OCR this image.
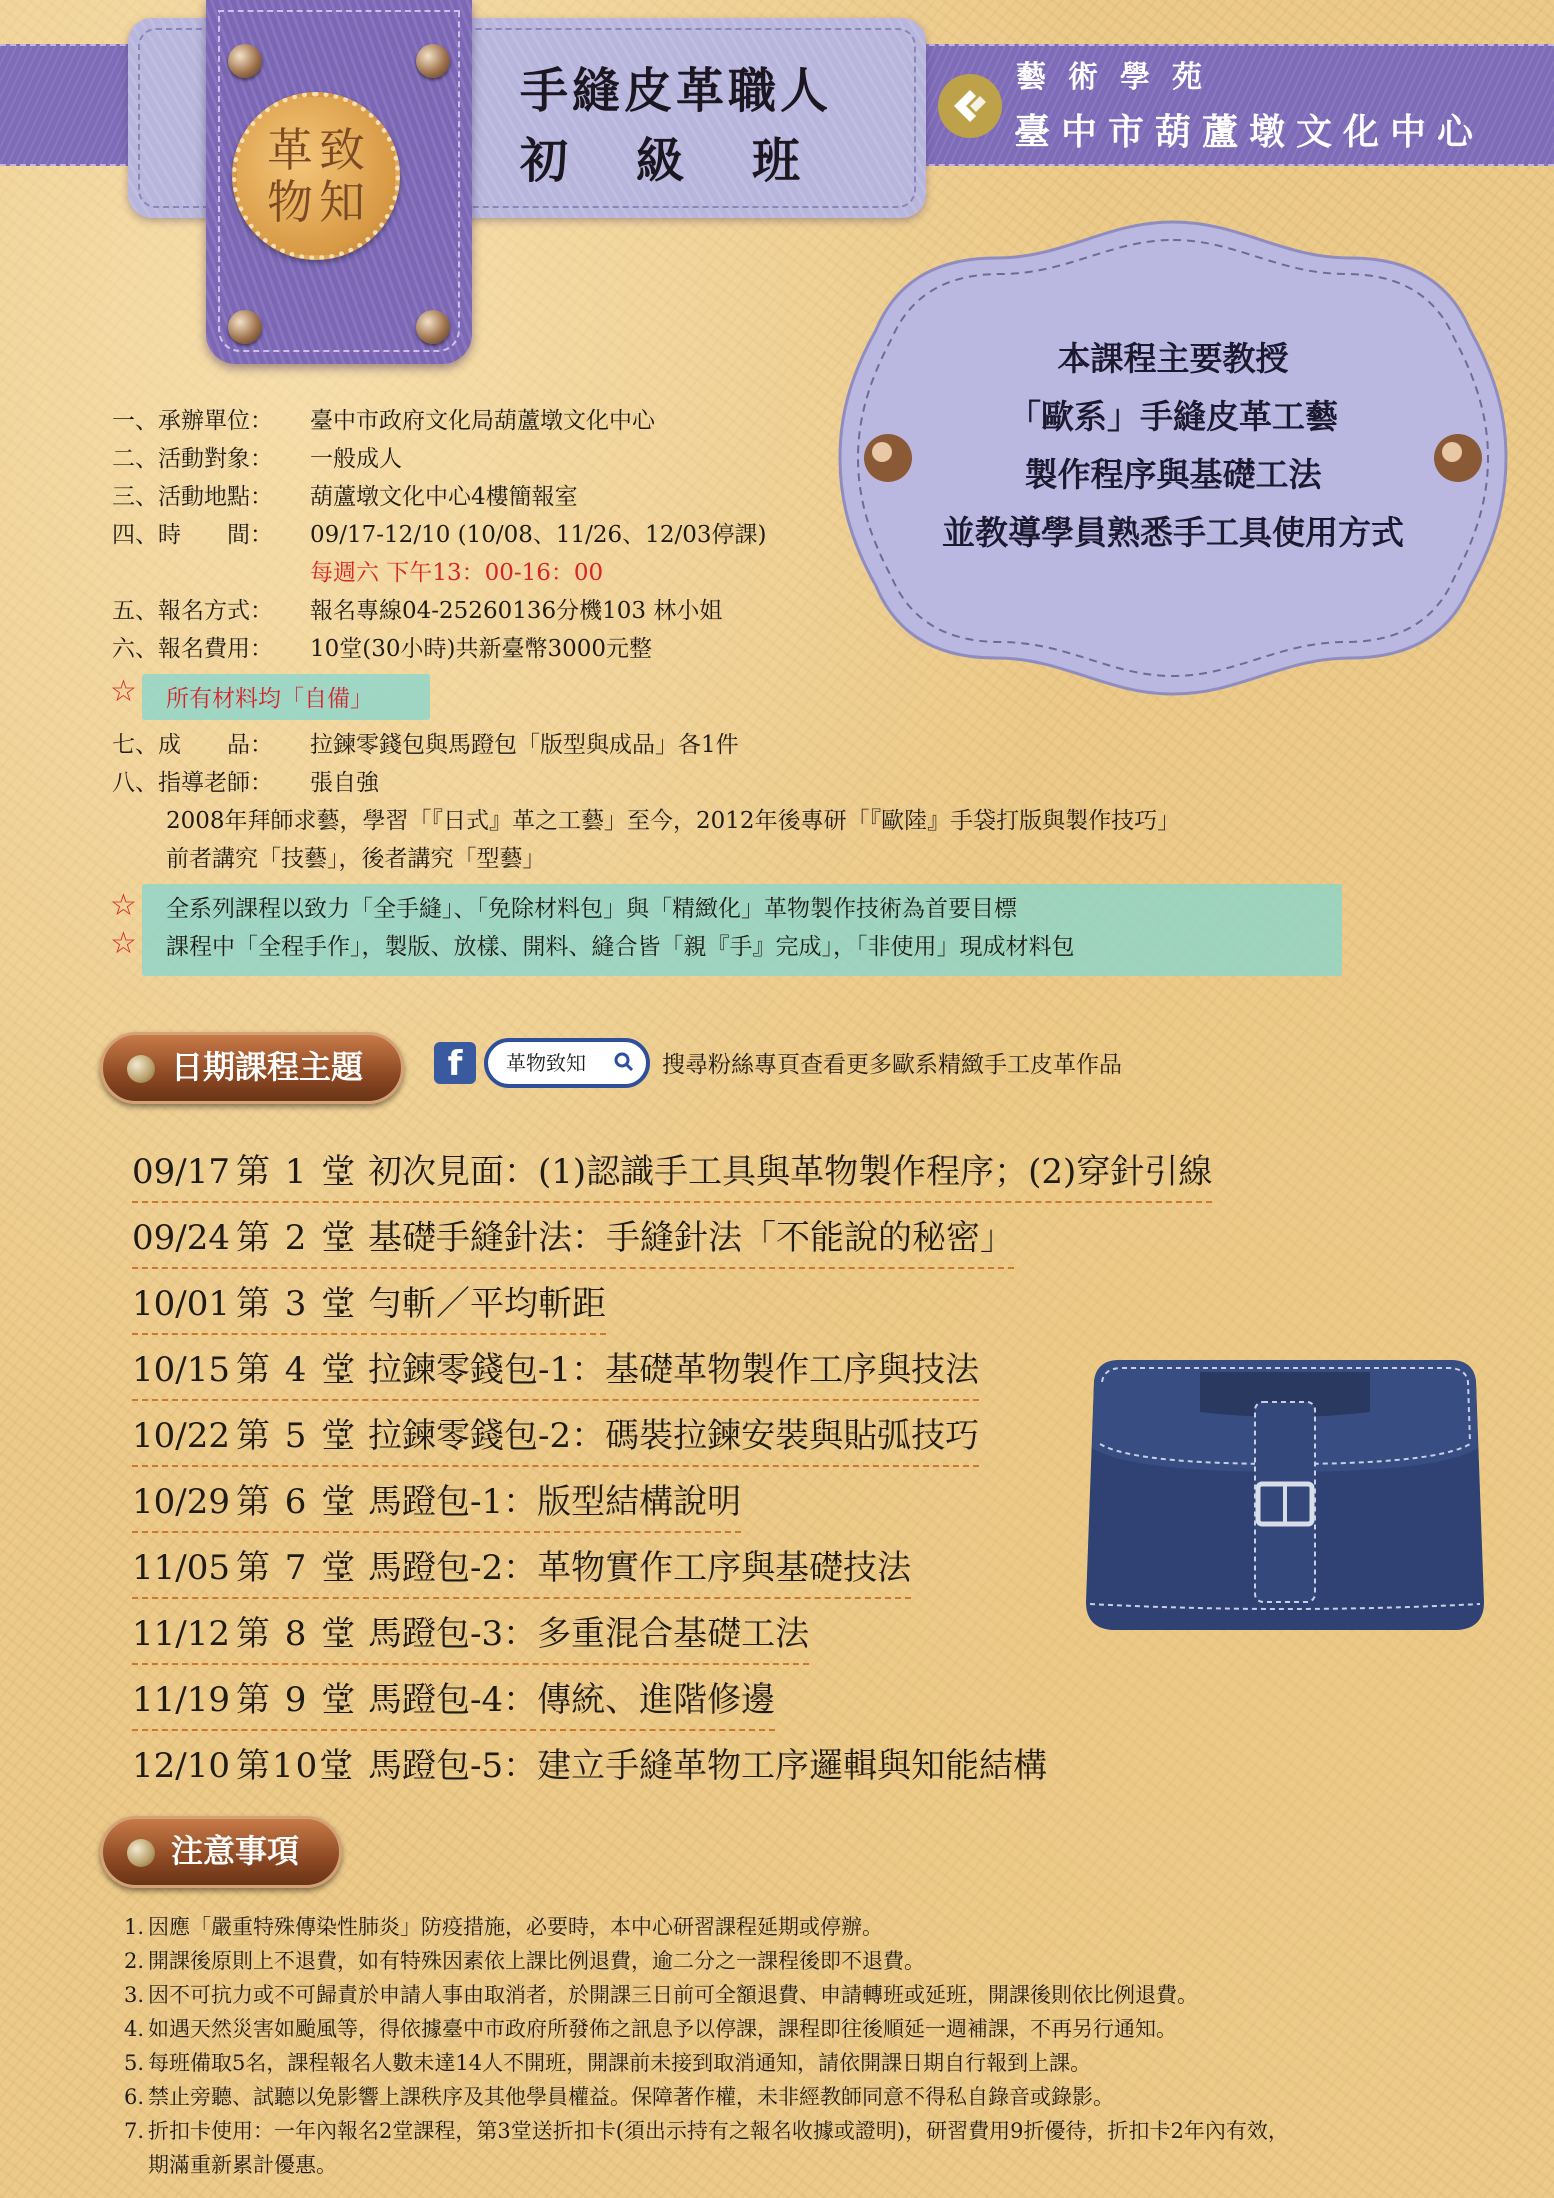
革 致
物 知
手縫皮革職人
初級班
藝術學苑
臺中市葫蘆墩文化中心
本課程主要教授
「歐系」手縫皮革工藝
製作程序與基礎工法
並教導學員熟悉手工具使用方式
一、承辦單位： 臺中市政府文化局葫蘆墩文化中心
二、活動對象： 一般成人
三、活動地點： 葫蘆墩文化中心4樓簡報室
四、時　　間： 09/17-12/10 (10/08、11/26、12/03停課)
每週六 下午13：00-16：00
五、報名方式： 報名專線04-25260136分機103 林小姐
六、報名費用： 10堂(30小時)共新臺幣3000元整
☆ 所有材料均「自備」
七、成　　品： 拉鍊零錢包與馬蹬包「版型與成品」各1件
八、指導老師： 張自強
2008年拜師求藝，學習「『日式』革之工藝」至今，2012年後專研「『歐陸』手袋打版與製作技巧」
前者講究「技藝」，後者講究「型藝」
☆
☆
全系列課程以致力「全手縫」、「免除材料包」與「精緻化」革物製作技術為首要目標
課程中「全程手作」，製版、放樣、開料、縫合皆「親『手』完成」，「非使用」現成材料包
日期課程主題	f	革物致知	搜尋粉絲專頁查看更多歐系精緻手工皮革作品
09/17 第 1 堂：初次見面：(1)認識手工具與革物製作程序；(2)穿針引線
09/24 第 2 堂：基礎手縫針法：手縫針法「不能說的秘密」
10/01 第 3 堂：勻斬／平均斬距
10/15 第 4 堂：拉鍊零錢包-1：基礎革物製作工序與技法
10/22 第 5 堂：拉鍊零錢包-2：碼裝拉鍊安裝與貼弧技巧
10/29 第 6 堂：馬蹬包-1：版型結構說明
11/05 第 7 堂：馬蹬包-2：革物實作工序與基礎技法
11/12 第 8 堂：馬蹬包-3：多重混合基礎工法
11/19 第 9 堂：馬蹬包-4：傳統、進階修邊
12/10 第10堂：馬蹬包-5：建立手縫革物工序邏輯與知能結構
注意事項
1. 因應「嚴重特殊傳染性肺炎」防疫措施，必要時，本中心研習課程延期或停辦。
2. 開課後原則上不退費，如有特殊因素依上課比例退費，逾二分之一課程後即不退費。
3. 因不可抗力或不可歸責於申請人事由取消者，於開課三日前可全額退費、申請轉班或延班，開課後則依比例退費。
4. 如遇天然災害如颱風等，得依據臺中市政府所發佈之訊息予以停課，課程即往後順延一週補課，不再另行通知。
5. 每班備取5名，課程報名人數未達14人不開班，開課前未接到取消通知，請依開課日期自行報到上課。
6. 禁止旁聽、試聽以免影響上課秩序及其他學員權益。保障著作權，未非經教師同意不得私自錄音或錄影。
7. 折扣卡使用：一年內報名2堂課程，第3堂送折扣卡(須出示持有之報名收據或證明)，研習費用9折優待，折扣卡2年內有效，
期滿重新累計優惠。
